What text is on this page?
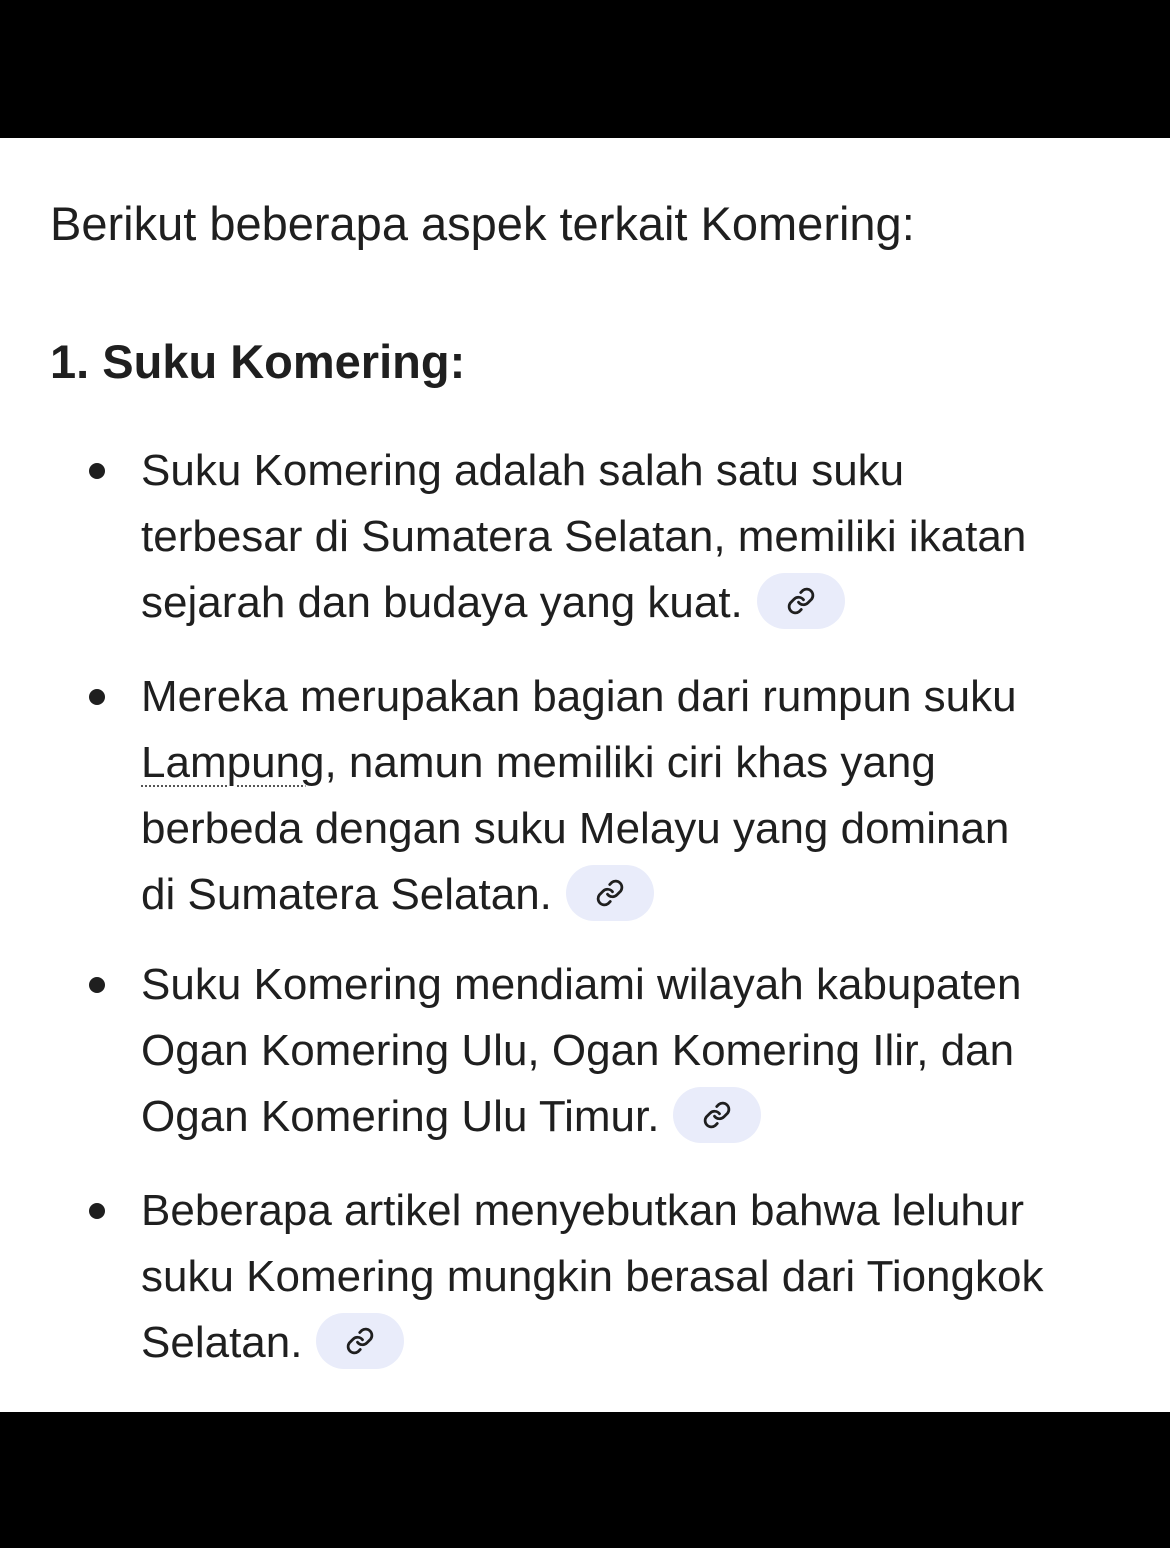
Berikut beberapa aspek terkait Komering:
1. Suku Komering:
Suku Komering adalah salah satu suku
terbesar di Sumatera Selatan, memiliki ikatan
sejarah dan budaya yang kuat.
Mereka merupakan bagian dari rumpun suku
Lampung, namun memiliki ciri khas yang
berbeda dengan suku Melayu yang dominan
di Sumatera Selatan.
Suku Komering mendiami wilayah kabupaten
Ogan Komering Ulu, Ogan Komering Ilir, dan
Ogan Komering Ulu Timur.
Beberapa artikel menyebutkan bahwa leluhur
suku Komering mungkin berasal dari Tiongkok
Selatan.
